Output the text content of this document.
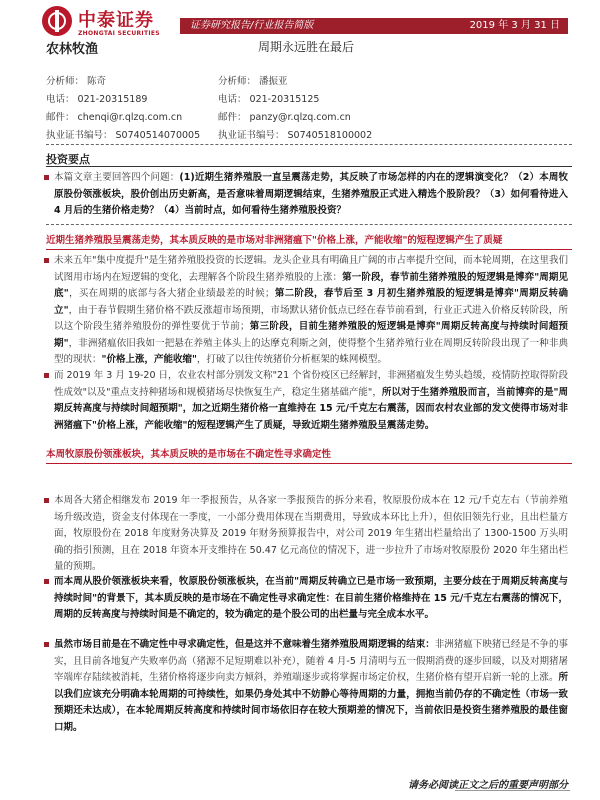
中泰证券
ZHONGTAI SECURITIES
证券研究报告/行业报告简版	2019 年 3 月 31 日
农林牧渔	周期永远胜在最后
分析师： 陈奇
电话： 021-20315189
邮件： chenqi@r.qlzq.com.cn
执业证书编号： S0740514070005
分析师： 潘振亚
电话： 021-20315125
邮件： panzy@r.qlzq.com.cn
执业证书编号： S0740518100002
投资要点
本篇文章主要回答四个问题：(1)近期生猪养殖股一直呈震荡走势，其反映了市场怎样的内在的逻辑演变化？（2）本周牧原股份领涨板块，股价创出历史新高，是否意味着周期逻辑结束，生猪养殖股正式进入精选个股阶段？（3）如何看待进入 4 月后的生猪价格走势？（4）当前时点，如何看待生猪养殖股投资？
近期生猪养殖股呈震荡走势，其本质反映的是市场对非洲猪瘟下"价格上涨，产能收缩"的短程逻辑产生了质疑
未来五年"集中度提升"是生猪养殖股投资的长逻辑。龙头企业具有明确且广阔的市占率提升空间，而本轮周期，在这里我们试图用市场内在短逻辑的变化，去理解各个阶段生猪养殖股的上涨：第一阶段，春节前生猪养殖股的短逻辑是博弈"周期见底"，买在周期的底部与各大猪企业绩最差的时候；第二阶段，春节后至 3 月初生猪养殖股的短逻辑是博弈"周期反转确立"，由于春节假期生猪价格不跌反涨超市场预期，市场默认猪价低点已经在春节前看到，行业正式进入价格反转阶段，所以这个阶段生猪养殖股份的弹性要优于节前；第三阶段，目前生猪养殖股的短逻辑是博弈"周期反转高度与持续时间超预期"，非洲猪瘟依旧我如一把悬在养殖主体头上的达摩克利斯之剑，使得整个生猪养殖行业在周期反转阶段出现了一种非典型的现状："价格上涨，产能收缩"，打破了以往传统猪价分析框架的蛛网模型。
而 2019 年 3 月 19-20 日，农业农村部分别发文称"21 个省份疫区已经解封，非洲猪瘟发生势头趋缓，疫情防控取得阶段性成效"以及"重点支持种猪场和规模猪场尽快恢复生产，稳定生猪基础产能"，所以对于生猪养殖股而言，当前博弈的是"周期反转高度与持续时间超预期"，加之近期生猪价格一直维持在 15 元/千克左右震荡，因而农村农业部的发文使得市场对非洲猪瘟下"价格上涨，产能收缩"的短程逻辑产生了质疑，导致近期生猪养殖股呈震荡走势。
本周牧原股份领涨板块，其本质反映的是市场在不确定性寻求确定性
本周各大猪企相继发布 2019 年一季报预告，从各家一季报预告的拆分来看，牧原股份成本在 12 元/千克左右（节前养殖场升级改造，资金支付体现在一季度，一小部分费用体现在当期费用，导致成本环比上升），但依旧领先行业，且出栏量方面，牧原股份在 2018 年度财务决算及 2019 年财务预算报告中，对公司 2019 年生猪出栏量给出了 1300-1500 万头明确的指引预测，且在 2018 年资本开支维持在 50.47 亿元高位的情况下，进一步拉升了市场对牧原股份 2020 年生猪出栏量的预期。
而本周从股价领涨板块来看，牧原股份领涨板块，在当前"周期反转确立已是市场一致预期，主要分歧在于周期反转高度与持续时间"的背景下，其本质反映的是市场在不确定性寻求确定性：在目前生猪价格维持在 15 元/千克左右震荡的情况下，周期的反转高度与持续时间是不确定的，较为确定的是个股公司的出栏量与完全成本水平。
虽然市场目前是在不确定性中寻求确定性，但是这并不意味着生猪养殖股周期逻辑的结束：非洲猪瘟下映猪已经是不争的事实，且目前各地复产失败率仍高（猪源不足短期难以补充），随着 4 月-5 月清明与五一假期消费的逐步回暖，以及对期猪屠宰端库存陆续被消耗，生猪价格将逐步向卖方倾斜，养殖端逐步或将掌握市场定价权，生猪价格有望开启新一轮的上涨。所以我们应该充分明确本轮周期的可持续性，如果仍身处其中不妨静心等待周期的力量，拥抱当前仍存的不确定性（市场一致预期还未达成），在本轮周期反转高度和持续时间市场依旧存在较大预期差的情况下，当前依旧是投资生猪养殖股的最佳窗口期。
请务必阅读正文之后的重要声明部分
